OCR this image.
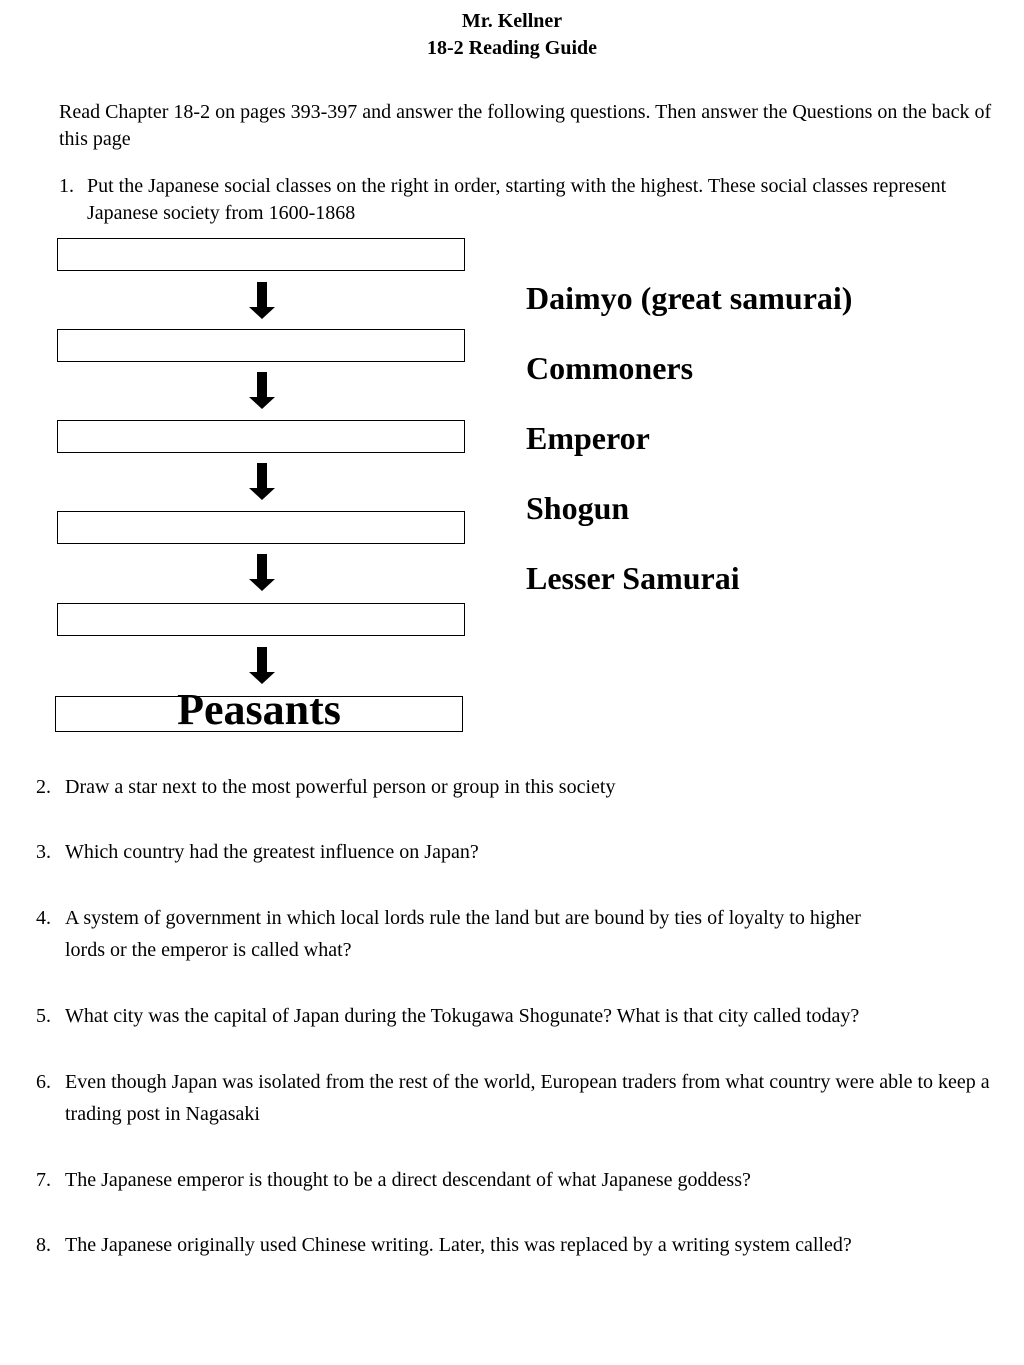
Mr. Kellner
18-2 Reading Guide
Read Chapter 18-2 on pages 393-397 and answer the following questions. Then answer the Questions on the back of this page
1. Put the Japanese social classes on the right in order, starting with the highest. These social classes represent Japanese society from 1600-1868
Peasants
Daimyo (great samurai)
Commoners
Emperor
Shogun
Lesser Samurai
2. Draw a star next to the most powerful person or group in this society
3. Which country had the greatest influence on Japan?
4. A system of government in which local lords rule the land but are bound by ties of loyalty to higher lords or the emperor is called what?
5. What city was the capital of Japan during the Tokugawa Shogunate? What is that city called today?
6. Even though Japan was isolated from the rest of the world, European traders from what country were able to keep a trading post in Nagasaki
7. The Japanese emperor is thought to be a direct descendant of what Japanese goddess?
8. The Japanese originally used Chinese writing. Later, this was replaced by a writing system called?
